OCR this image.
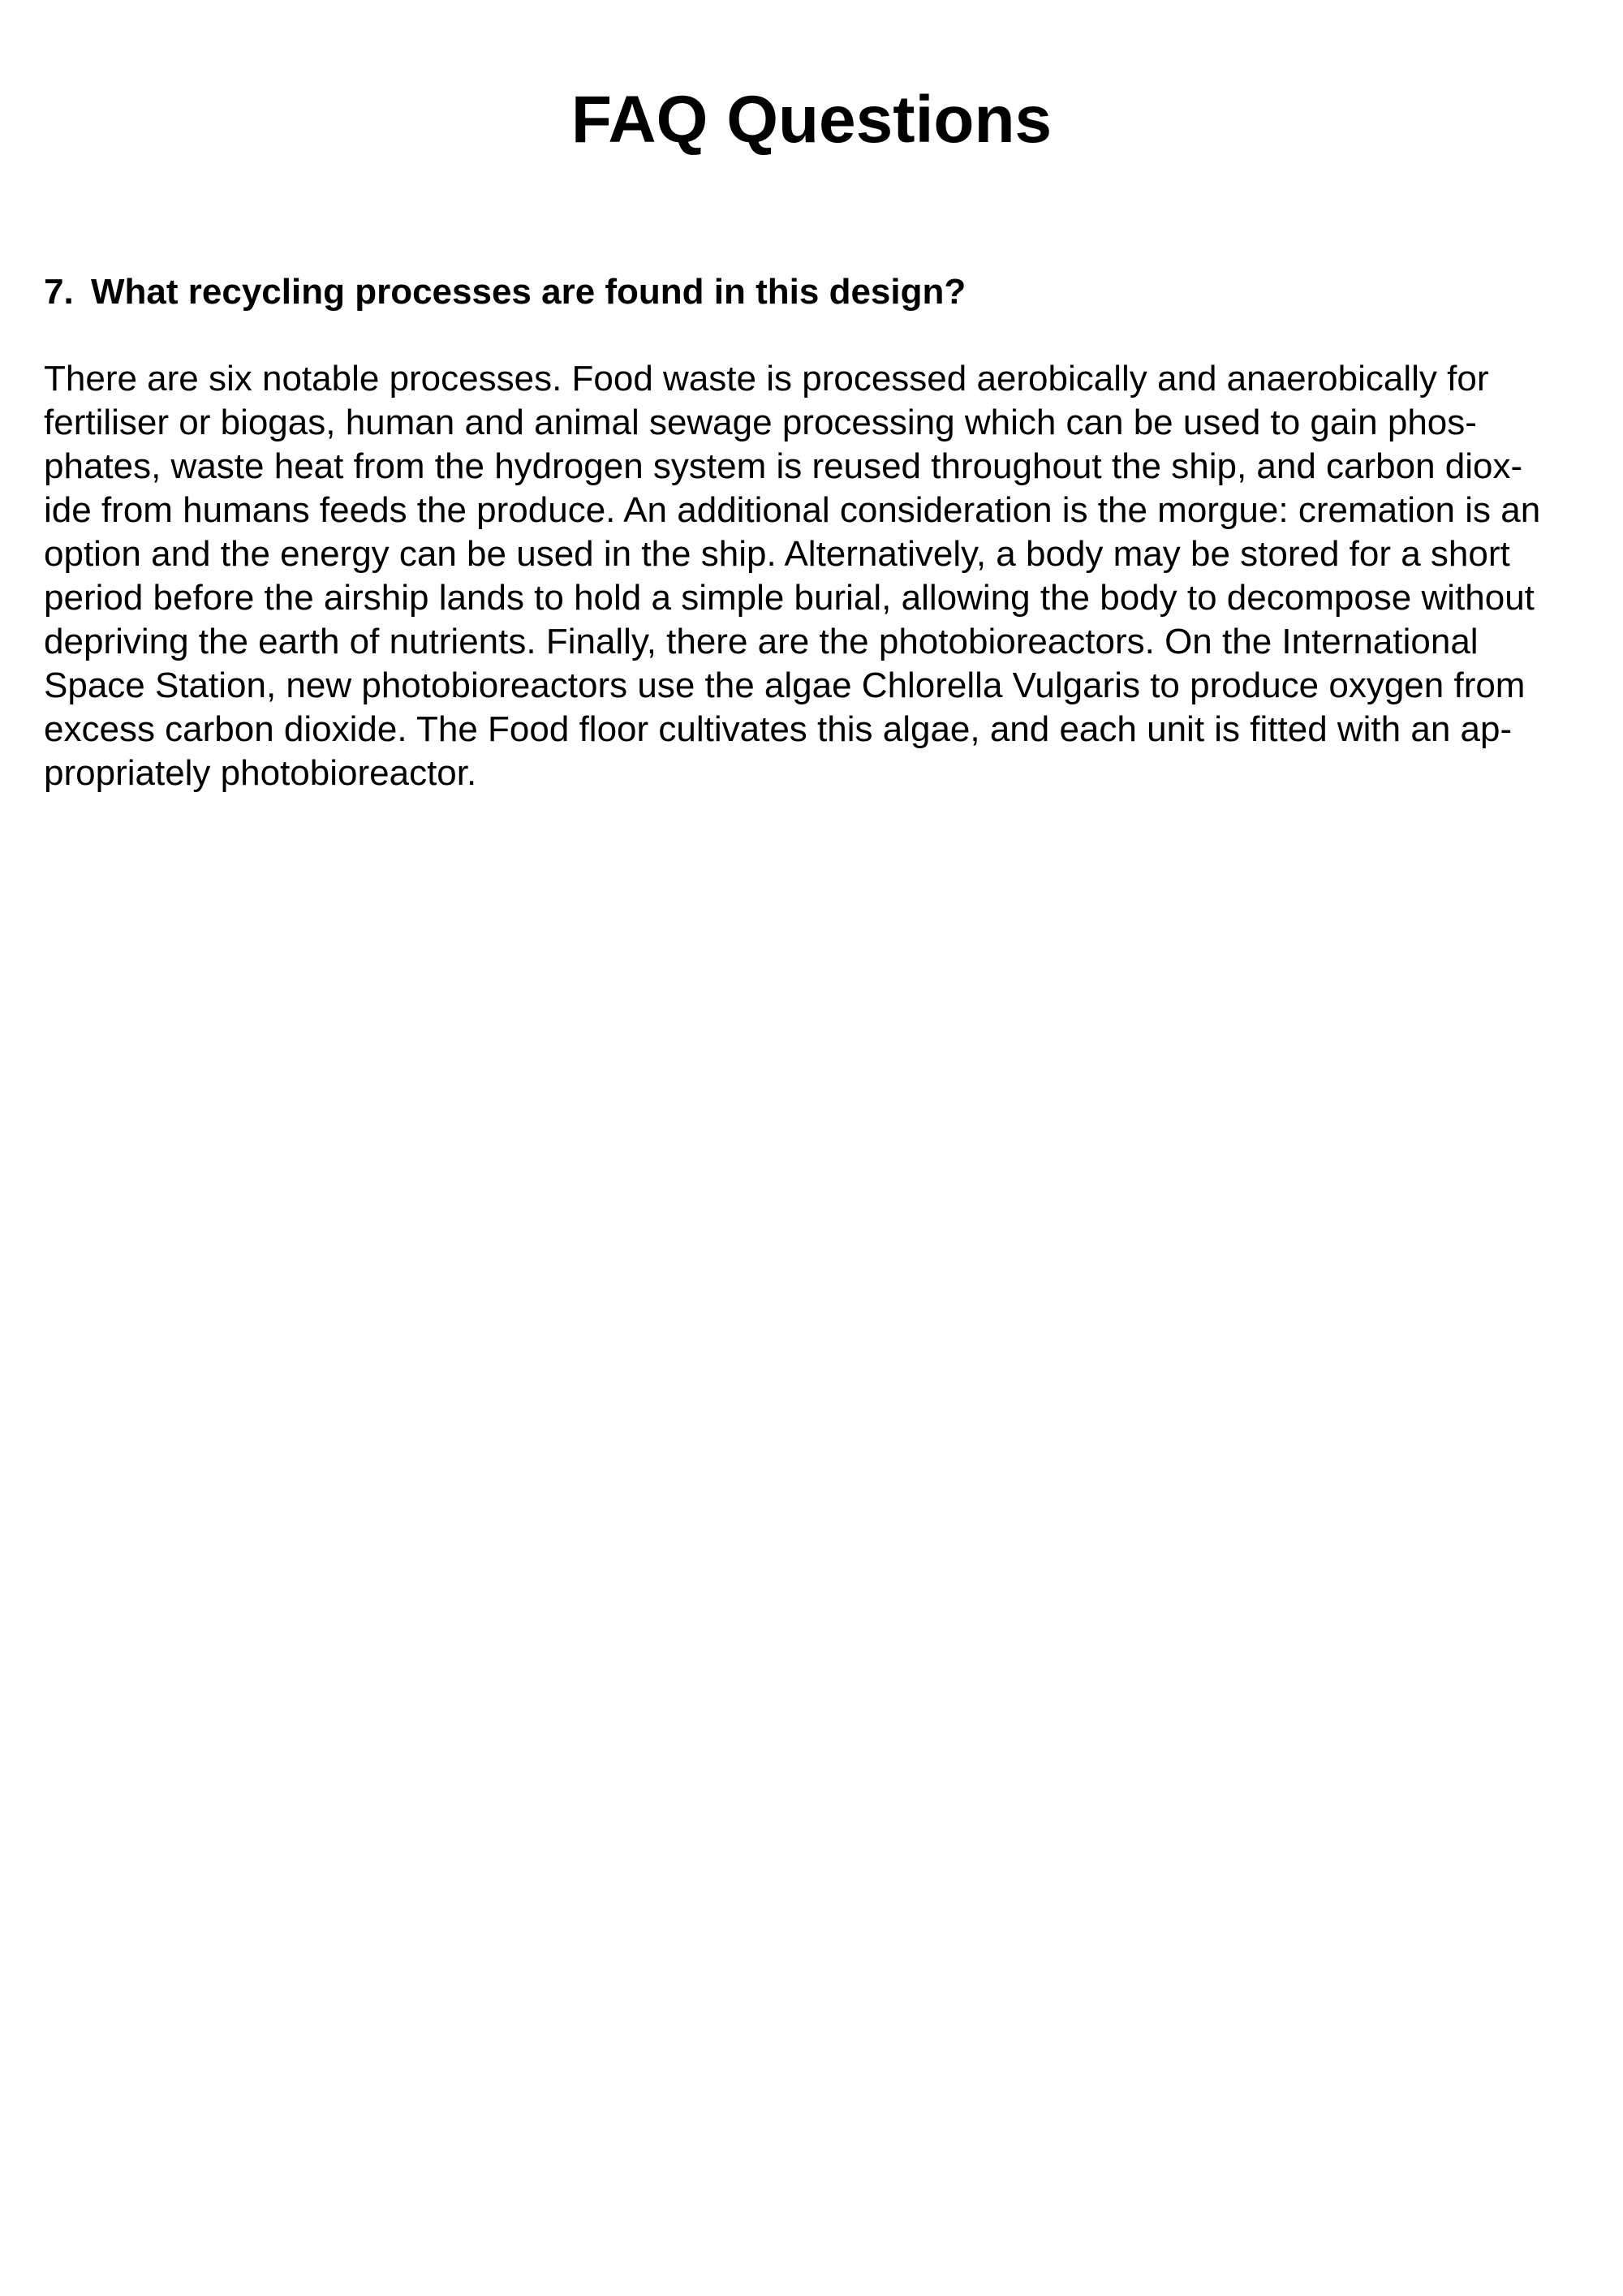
FAQ Questions
7. What recycling processes are found in this design?

There are six notable processes. Food waste is processed aerobically and anaerobically for
fertiliser or biogas, human and animal sewage processing which can be used to gain phos-
phates, waste heat from the hydrogen system is reused throughout the ship, and carbon diox-
ide from humans feeds the produce. An additional consideration is the morgue: cremation is an
option and the energy can be used in the ship. Alternatively, a body may be stored for a short
period before the airship lands to hold a simple burial, allowing the body to decompose without
depriving the earth of nutrients. Finally, there are the photobioreactors. On the International
Space Station, new photobioreactors use the algae Chlorella Vulgaris to produce oxygen from
excess carbon dioxide. The Food floor cultivates this algae, and each unit is fitted with an ap-
propriately photobioreactor.
